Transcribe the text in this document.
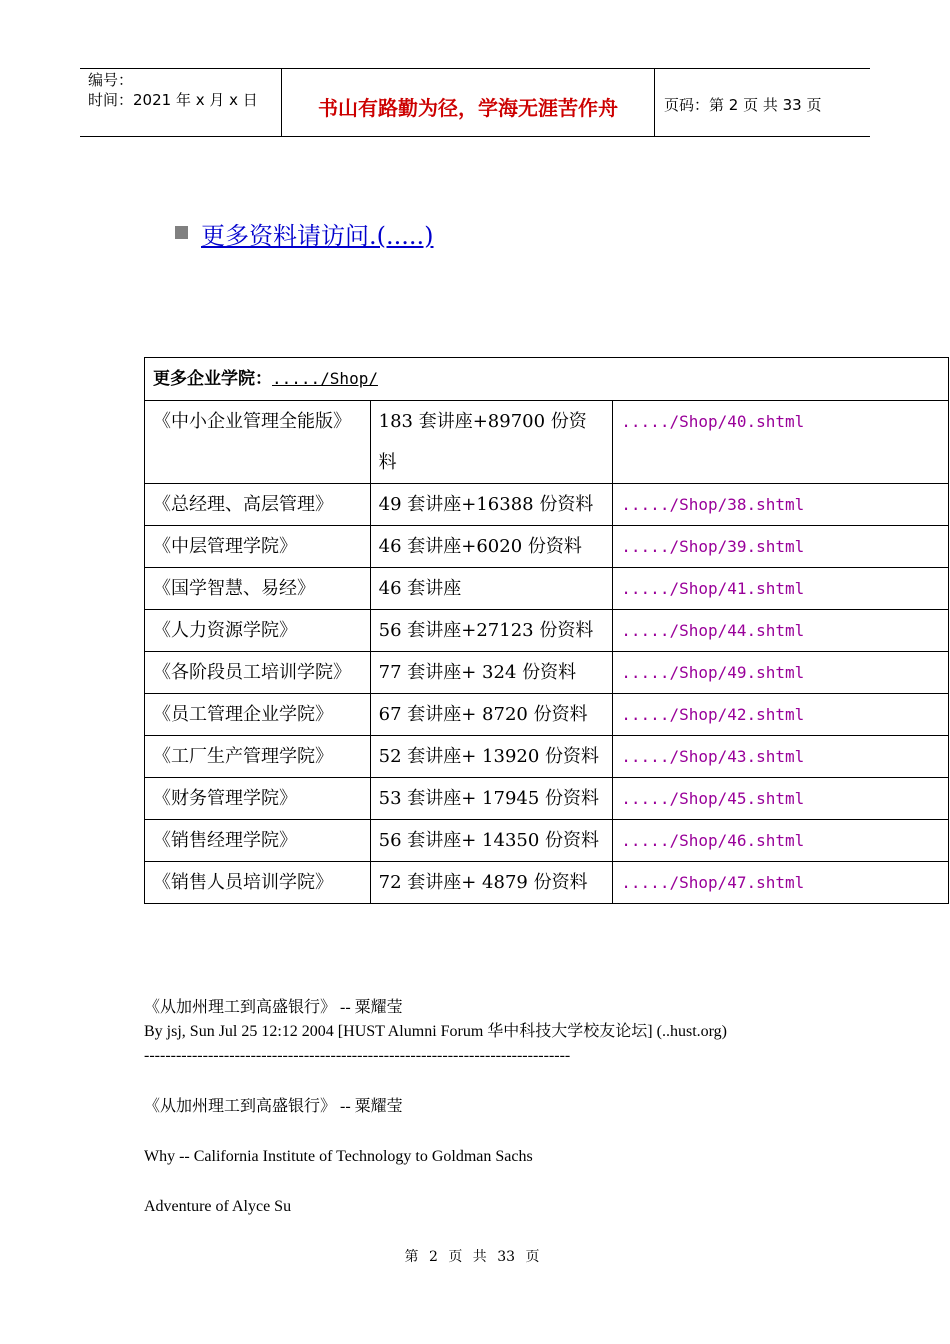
编号：
时间：2021 年 x 月 x 日	书山有路勤为径，学海无涯苦作舟	页码：第 2 页 共 33 页
更多资料请访问.(.....)
更多企业学院：...../Shop/		
《中小企业管理全能版》	183 套讲座+89700 份资料	...../Shop/40.shtml
《总经理、高层管理》	49 套讲座+16388 份资料	...../Shop/38.shtml
《中层管理学院》	46 套讲座+6020 份资料	...../Shop/39.shtml
《国学智慧、易经》	46 套讲座	...../Shop/41.shtml
《人力资源学院》	56 套讲座+27123 份资料	...../Shop/44.shtml
《各阶段员工培训学院》	77 套讲座+ 324 份资料	...../Shop/49.shtml
《员工管理企业学院》	67 套讲座+ 8720 份资料	...../Shop/42.shtml
《工厂生产管理学院》	52 套讲座+ 13920 份资料	...../Shop/43.shtml
《财务管理学院》	53 套讲座+ 17945 份资料	...../Shop/45.shtml
《销售经理学院》	56 套讲座+ 14350 份资料	...../Shop/46.shtml
《销售人员培训学院》	72 套讲座+ 4879 份资料	...../Shop/47.shtml
《从加州理工到高盛银行》 -- 粟耀莹
By jsj, Sun Jul 25 12:12 2004 [HUST Alumni Forum 华中科技大学校友论坛] (..hust.org)
--------------------------------------------------------------------------------
《从加州理工到高盛银行》 -- 粟耀莹
Why -- California Institute of Technology to Goldman Sachs
Adventure of Alyce Su
第 2 页 共 33 页
